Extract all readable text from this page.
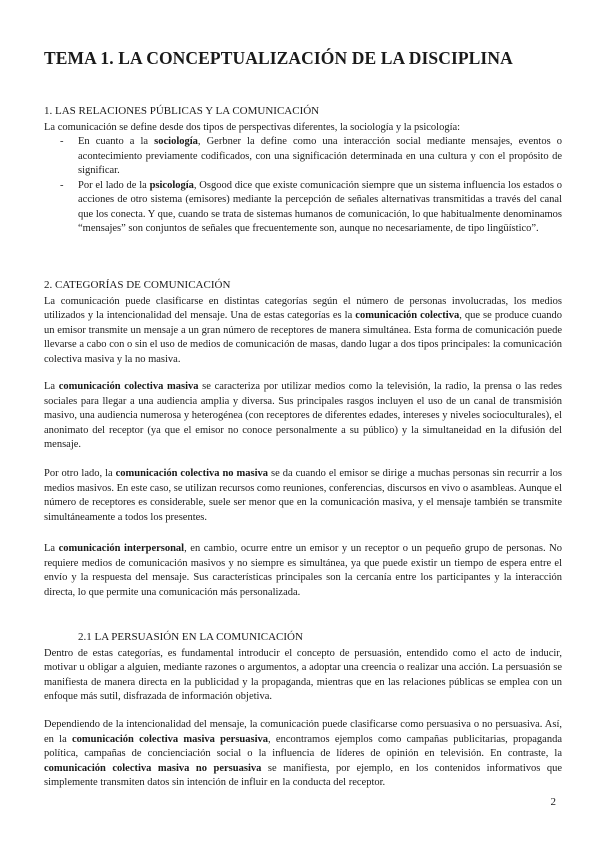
TEMA 1. LA CONCEPTUALIZACIÓN DE LA DISCIPLINA
1. LAS RELACIONES PÚBLICAS Y LA COMUNICACIÓN

La comunicación se define desde dos tipos de perspectivas diferentes, la sociología y la psicología:

- En cuanto a la sociología, Gerbner la define como una interacción social mediante mensajes, eventos o acontecimiento previamente codificados, con una significación determinada en una cultura y con el propósito de significar.
- Por el lado de la psicología, Osgood dice que existe comunicación siempre que un sistema influencia los estados o acciones de otro sistema (emisores) mediante la percepción de señales alternativas transmitidas a través del canal que los conecta. Y que, cuando se trata de sistemas humanos de comunicación, lo que habitualmente denominamos “mensajes” son conjuntos de señales que frecuentemente son, aunque no necesariamente, de tipo lingüístico”.
2. CATEGORÍAS DE COMUNICACIÓN

La comunicación puede clasificarse en distintas categorías según el número de personas involucradas, los medios utilizados y la intencionalidad del mensaje. Una de estas categorías es la comunicación colectiva, que se produce cuando un emisor transmite un mensaje a un gran número de receptores de manera simultánea. Esta forma de comunicación puede llevarse a cabo con o sin el uso de medios de comunicación de masas, dando lugar a dos tipos principales: la comunicación colectiva masiva y la no masiva.

La comunicación colectiva masiva se caracteriza por utilizar medios como la televisión, la radio, la prensa o las redes sociales para llegar a una audiencia amplia y diversa. Sus principales rasgos incluyen el uso de un canal de transmisión masivo, una audiencia numerosa y heterogénea (con receptores de diferentes edades, intereses y niveles socioculturales), el anonimato del receptor (ya que el emisor no conoce personalmente a su público) y la simultaneidad en la difusión del mensaje.

Por otro lado, la comunicación colectiva no masiva se da cuando el emisor se dirige a muchas personas sin recurrir a los medios masivos. En este caso, se utilizan recursos como reuniones, conferencias, discursos en vivo o asambleas. Aunque el número de receptores es considerable, suele ser menor que en la comunicación masiva, y el mensaje también se transmite simultáneamente a todos los presentes.

La comunicación interpersonal, en cambio, ocurre entre un emisor y un receptor o un pequeño grupo de personas. No requiere medios de comunicación masivos y no siempre es simultánea, ya que puede existir un tiempo de espera entre el envío y la respuesta del mensaje. Sus características principales son la cercanía entre los participantes y la interacción directa, lo que permite una comunicación más personalizada.

2.1 LA PERSUASIÓN EN LA COMUNICACIÓN

Dentro de estas categorías, es fundamental introducir el concepto de persuasión, entendido como el acto de inducir, motivar u obligar a alguien, mediante razones o argumentos, a adoptar una creencia o realizar una acción. La persuasión se manifiesta de manera directa en la publicidad y la propaganda, mientras que en las relaciones públicas se emplea con un enfoque más sutil, disfrazada de información objetiva.

Dependiendo de la intencionalidad del mensaje, la comunicación puede clasificarse como persuasiva o no persuasiva. Así, en la comunicación colectiva masiva persuasiva, encontramos ejemplos como campañas publicitarias, propaganda política, campañas de concienciación social o la influencia de líderes de opinión en televisión. En contraste, la comunicación colectiva masiva no persuasiva se manifiesta, por ejemplo, en los contenidos informativos que simplemente transmiten datos sin intención de influir en la conducta del receptor.

2
